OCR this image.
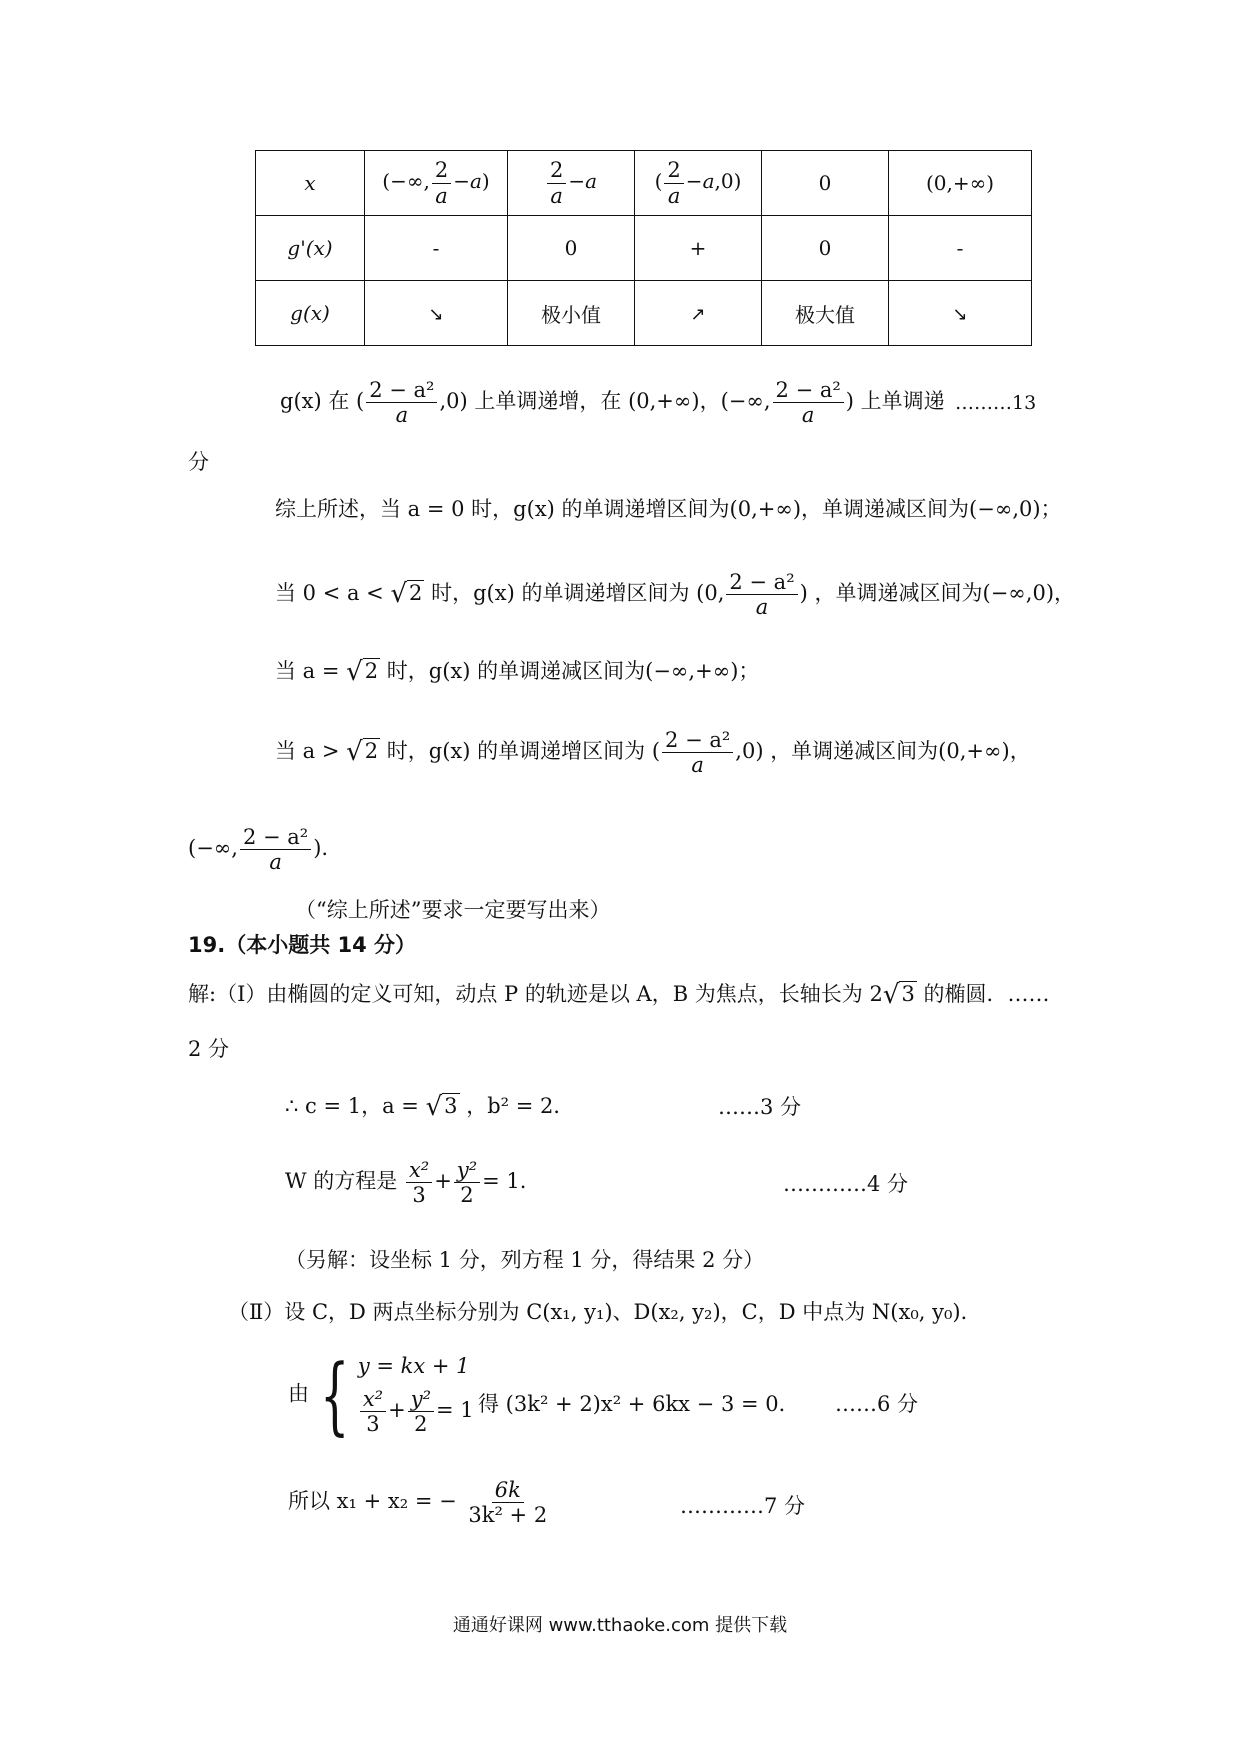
x	(−∞, $\frac{2}{a} -a$)	$\frac{2}{a} -a$	( $\frac{2}{a} -a,0$)	0	(0,+∞)
g'(x)	-	0	+	0	-
g(x)	↘	极小值	↗	极大值	↘
g(x) 在 ( $\frac{\text{2 − a²}}{a} ,0$) 上单调递增，在 (0,+∞)，(−∞, $\frac{\text{2 − a²}}{a}$ ) 上单调递 ………13
分
综上所述，当 a = 0 时，g(x) 的单调递增区间为(0,+∞)，单调递减区间为(−∞,0)；
当 0 < a < √2 时，g(x) 的单调递增区间为 (0, $\frac{\text{2 − a²}}{a}$ ) ，单调递减区间为(−∞,0)，
当 a = √2 时，g(x) 的单调递减区间为(−∞,+∞)；
当 a > √2 时，g(x) 的单调递增区间为 ( $\frac{\text{2 − a²}}{a} ,0$) ，单调递减区间为(0,+∞)，
(−∞, $\frac{\text{2 − a²}}{a}$ ).
（“综上所述”要求一定要写出来）
19.（本小题共 14 分）
解:（Ⅰ）由椭圆的定义可知，动点 P 的轨迹是以 A，B 为焦点，长轴长为 2√3 的椭圆．……
2 分
∴ c = 1，a = √3 ，b² = 2．	……3 分
W 的方程是 $\frac{\text{x²}}{3} + \frac{\text{y²}}{2} = 1$.	…………4 分
（另解：设坐标 1 分，列方程 1 分，得结果 2 分）
（Ⅱ）设 C，D 两点坐标分别为 C(x₁, y₁)、D(x₂, y₂)，C，D 中点为 N(x₀, y₀)．
由 { y = kx + 1
$\frac{\text{x²}}{3} + \frac{\text{y²}}{2} = 1$ 得 (3k² + 2)x² + 6kx − 3 = 0． ……6 分
所以 x₁ + x₂ = − $\frac{6k}{\text{3k² + 2}}$	…………7 分
通通好课网 www.tthaoke.com 提供下载
